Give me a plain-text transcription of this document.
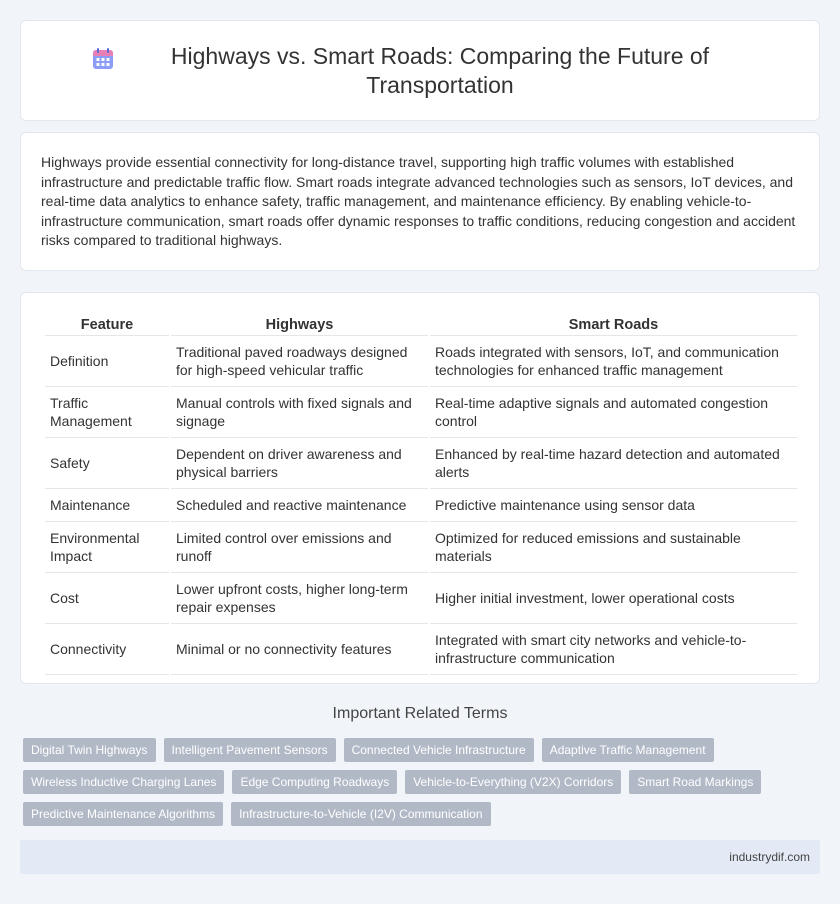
Highways vs. Smart Roads: Comparing the Future of Transportation

Highways provide essential connectivity for long-distance travel, supporting high traffic volumes with established infrastructure and predictable traffic flow. Smart roads integrate advanced technologies such as sensors, IoT devices, and real-time data analytics to enhance safety, traffic management, and maintenance efficiency. By enabling vehicle-to-infrastructure communication, smart roads offer dynamic responses to traffic conditions, reducing congestion and accident risks compared to traditional highways.

Feature	Highways	Smart Roads
Definition	Traditional paved roadways designed for high-speed vehicular traffic	Roads integrated with sensors, IoT, and communication technologies for enhanced traffic management
Traffic Management	Manual controls with fixed signals and signage	Real-time adaptive signals and automated congestion control
Safety	Dependent on driver awareness and physical barriers	Enhanced by real-time hazard detection and automated alerts
Maintenance	Scheduled and reactive maintenance	Predictive maintenance using sensor data
Environmental Impact	Limited control over emissions and runoff	Optimized for reduced emissions and sustainable materials
Cost	Lower upfront costs, higher long-term repair expenses	Higher initial investment, lower operational costs
Connectivity	Minimal or no connectivity features	Integrated with smart city networks and vehicle-to-infrastructure communication
Important Related Terms
Digital Twin Highways	Intelligent Pavement Sensors	Connected Vehicle Infrastructure	Adaptive Traffic Management
Wireless Inductive Charging Lanes	Edge Computing Roadways	Vehicle-to-Everything (V2X) Corridors	Smart Road Markings
Predictive Maintenance Algorithms	Infrastructure-to-Vehicle (I2V) Communication
industrydif.com
